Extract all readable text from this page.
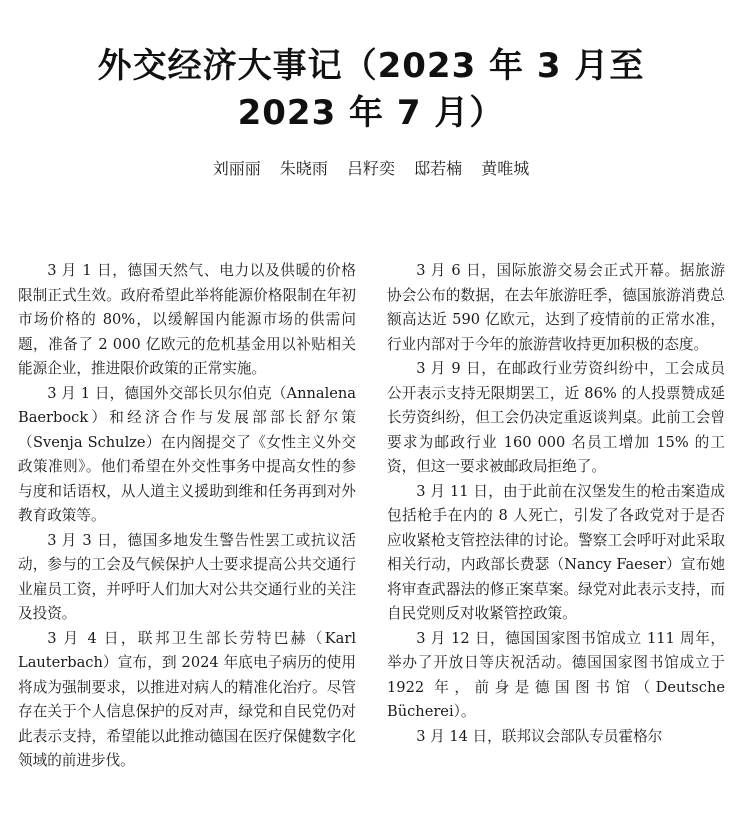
外交经济大事记（2023 年 3 月至
2023 年 7 月）
刘丽丽 朱晓雨 吕籽奕 邸若楠 黄唯城

3 月 1 日，德国天然气、电力以及供暖的价格限制正式生效。政府希望此举将能源价格限制在年初市场价格的 80%，以缓解国内能源市场的供需问题，准备了 2 000 亿欧元的危机基金用以补贴相关能源企业，推进限价政策的正常实施。

3 月 1 日，德国外交部长贝尔伯克（Annalena Baerbock）和经济合作与发展部部长舒尔策（Svenja Schulze）在内阁提交了《女性主义外交政策准则》。他们希望在外交性事务中提高女性的参与度和话语权，从人道主义援助到维和任务再到对外教育政策等。

3 月 3 日，德国多地发生警告性罢工或抗议活动，参与的工会及气候保护人士要求提高公共交通行业雇员工资，并呼吁人们加大对公共交通行业的关注及投资。

3 月 4 日，联邦卫生部长劳特巴赫（Karl Lauterbach）宣布，到 2024 年底电子病历的使用将成为强制要求，以推进对病人的精准化治疗。尽管存在关于个人信息保护的反对声，绿党和自民党仍对此表示支持，希望能以此推动德国在医疗保健数字化领域的前进步伐。

3 月 6 日，国际旅游交易会正式开幕。据旅游协会公布的数据，在去年旅游旺季，德国旅游消费总额高达近 590 亿欧元，达到了疫情前的正常水准，行业内部对于今年的旅游营收持更加积极的态度。

3 月 9 日，在邮政行业劳资纠纷中，工会成员公开表示支持无限期罢工，近 86% 的人投票赞成延长劳资纠纷，但工会仍决定重返谈判桌。此前工会曾要求为邮政行业 160 000 名员工增加 15% 的工资，但这一要求被邮政局拒绝了。

3 月 11 日，由于此前在汉堡发生的枪击案造成包括枪手在内的 8 人死亡，引发了各政党对于是否应收紧枪支管控法律的讨论。警察工会呼吁对此采取相关行动，内政部长费瑟（Nancy Faeser）宣布她将审查武器法的修正案草案。绿党对此表示支持，而自民党则反对收紧管控政策。

3 月 12 日，德国国家图书馆成立 111 周年，举办了开放日等庆祝活动。德国国家图书馆成立于 1922 年，前身是德国图书馆（Deutsche Bücherei）。

3 月 14 日，联邦议会部队专员霍格尔
